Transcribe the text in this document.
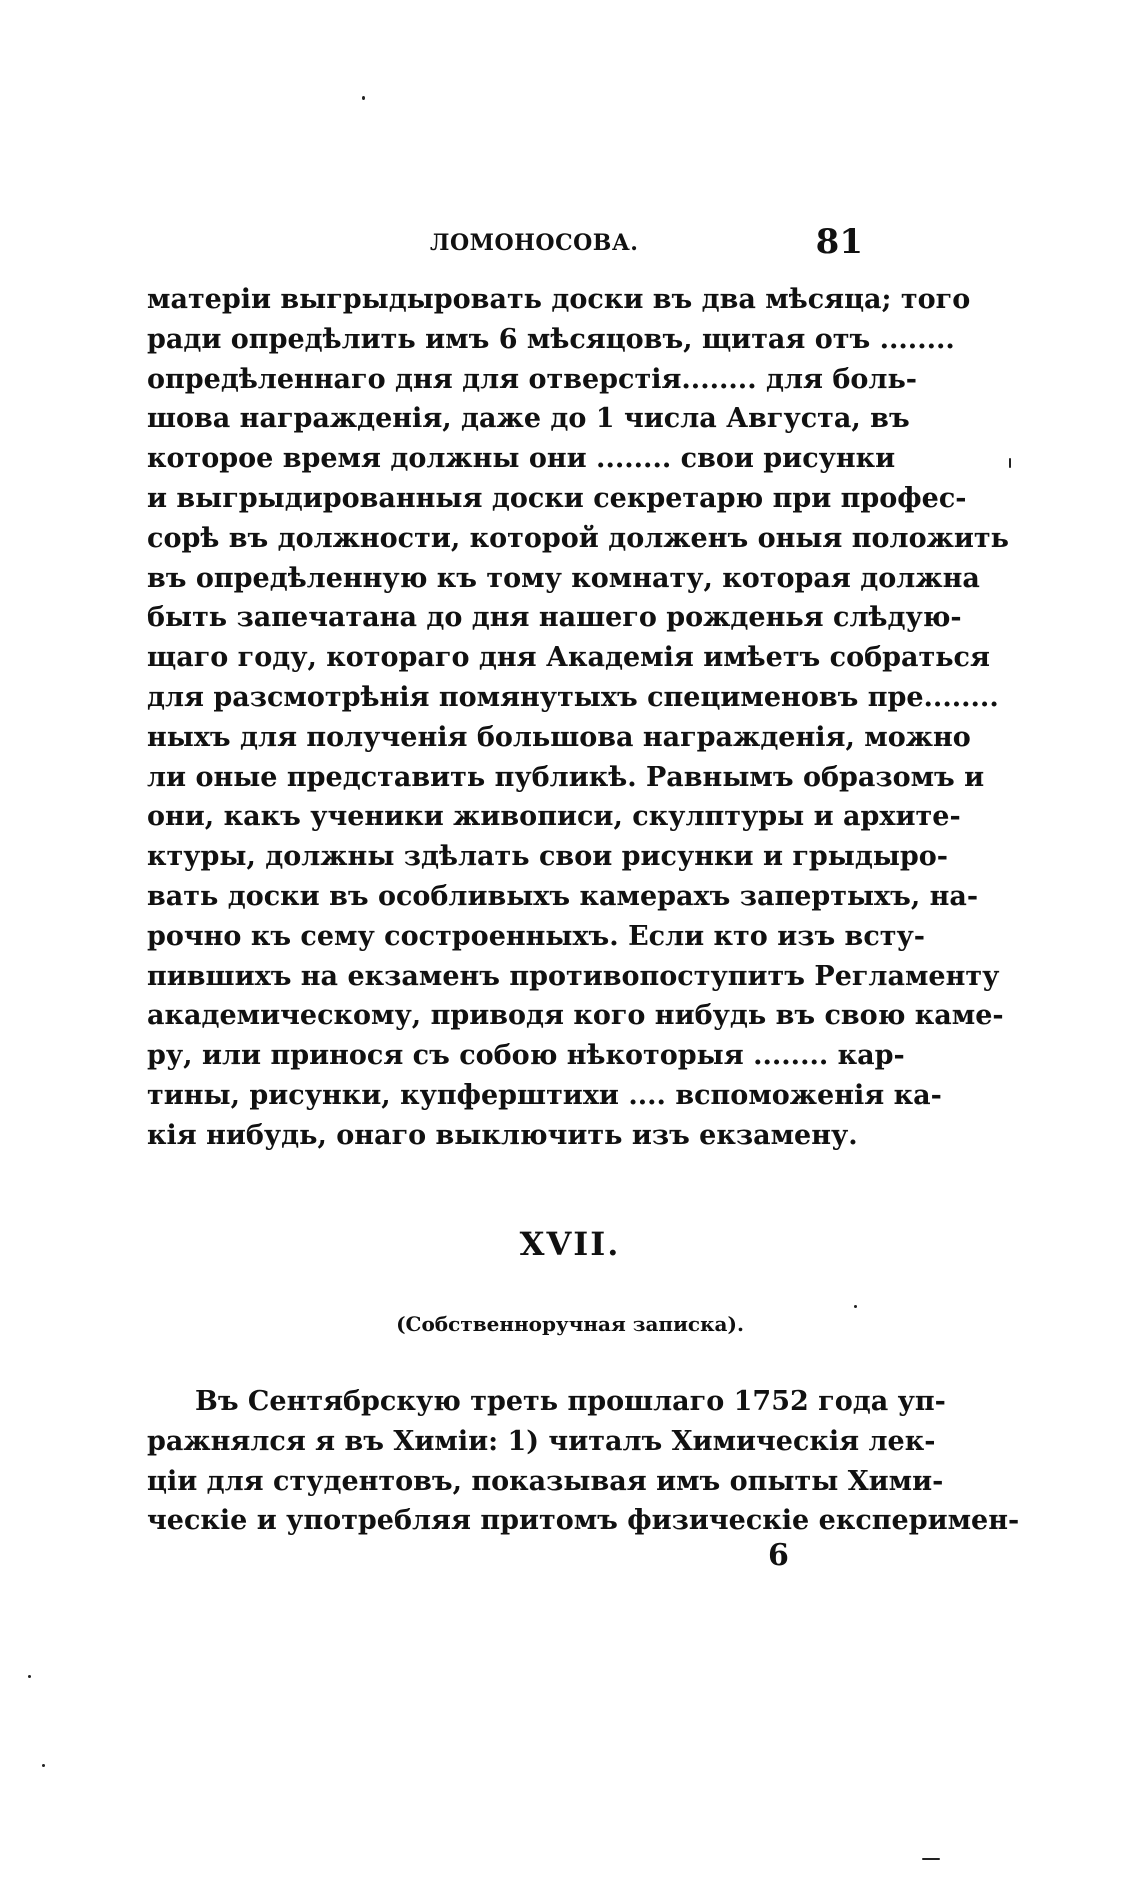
ЛОМОНОСОВА.	81
матеріи выгрыдыровать доски въ два мѣсяца; того
ради опредѣлить имъ 6 мѣсяцовъ, щитая отъ ........
опредѣленнаго дня для отверстія........ для боль-
шова награжденія, даже до 1 числа Августа, въ
которое время должны они ........ свои рисунки
и выгрыдированныя доски секретарю при профес-
сорѣ въ должности, которой долженъ оныя положить
въ опредѣленную къ тому комнату, которая должна
быть запечатана до дня нашего рожденья слѣдую-
щаго году, котораго дня Академія имѣетъ собраться
для разсмотрѣнія помянутыхъ специменовъ пре........
ныхъ для полученія большова награжденія, можно
ли оные представить публикѣ. Равнымъ образомъ и
они, какъ ученики живописи, скулптуры и архите-
ктуры, должны здѣлать свои рисунки и грыдыро-
вать доски въ особливыхъ камерахъ запертыхъ, на-
рочно къ сему состроенныхъ. Если кто изъ всту-
пившихъ на екзаменъ противопоступитъ Регламенту
академическому, приводя кого нибудь въ свою каме-
ру, или принося съ собою нѣкоторыя ........ кар-
тины, рисунки, купферштихи .... вспоможенія ка-
кія нибудь, онаго выключить изъ екзамену.
XVII.
(Собственноручная записка).
Въ Сентябрскую треть прошлаго 1752 года уп-
ражнялся я въ Химіи: 1) читалъ Химическія лек-
ціи для студентовъ, показывая имъ опыты Хими-
ческіе и употребляя притомъ физическіе експеримен-
6
